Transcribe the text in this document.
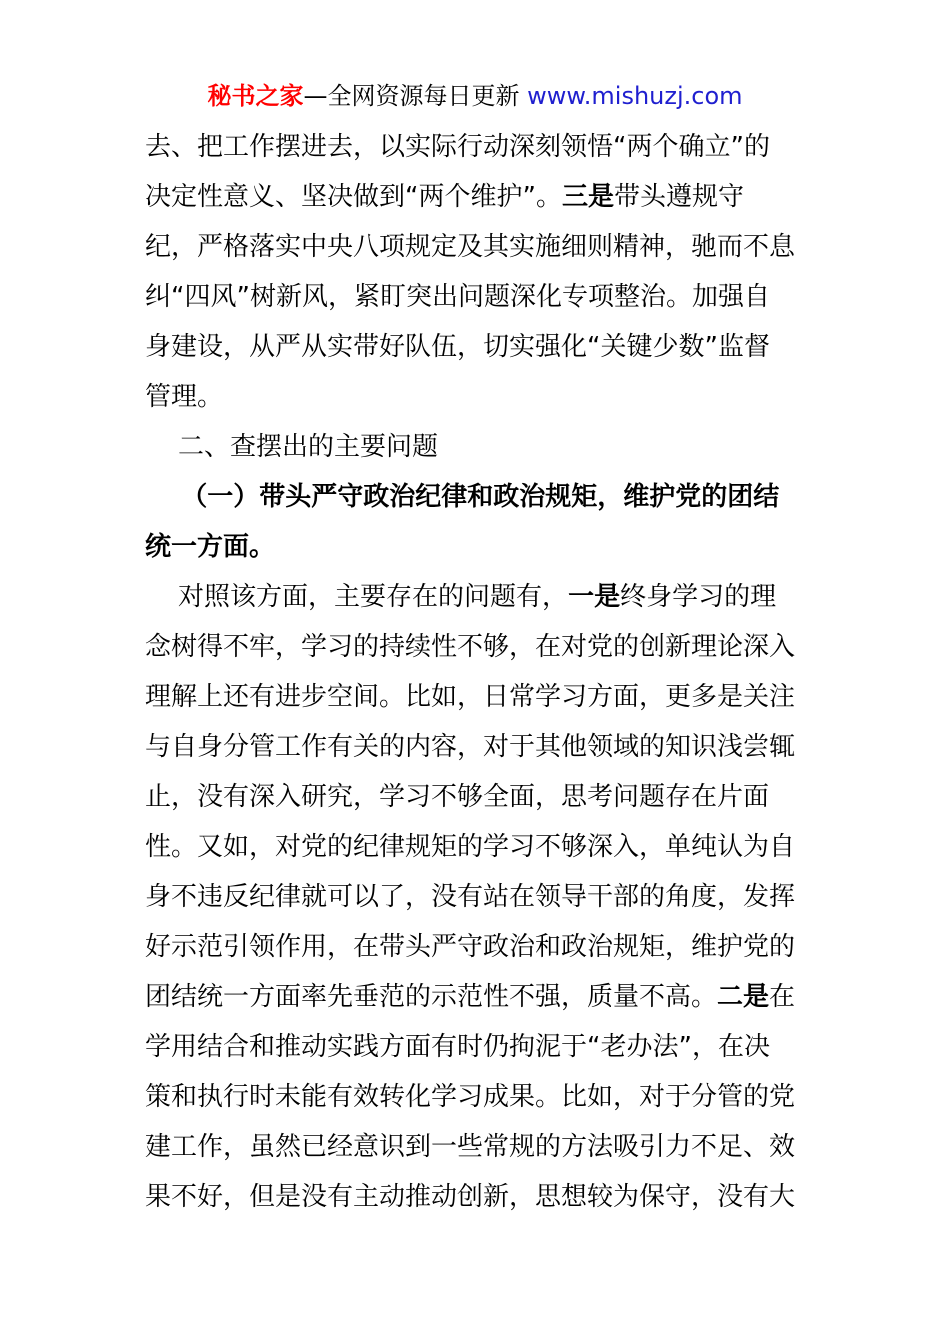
秘书之家—全网资源每日更新 www.mishuzj.com
去、把工作摆进去，以实际行动深刻领悟“两个确立”的
决定性意义、坚决做到“两个维护”。三是带头遵规守
纪，严格落实中央八项规定及其实施细则精神，驰而不息
纠“四风”树新风，紧盯突出问题深化专项整治。加强自
身建设，从严从实带好队伍，切实强化“关键少数”监督
管理。
二、查摆出的主要问题
（一）带头严守政治纪律和政治规矩，维护党的团结
统一方面。
对照该方面，主要存在的问题有，一是终身学习的理
念树得不牢，学习的持续性不够，在对党的创新理论深入
理解上还有进步空间。比如，日常学习方面，更多是关注
与自身分管工作有关的内容，对于其他领域的知识浅尝辄
止，没有深入研究，学习不够全面，思考问题存在片面
性。又如，对党的纪律规矩的学习不够深入，单纯认为自
身不违反纪律就可以了，没有站在领导干部的角度，发挥
好示范引领作用，在带头严守政治和政治规矩，维护党的
团结统一方面率先垂范的示范性不强，质量不高。二是在
学用结合和推动实践方面有时仍拘泥于“老办法”，在决
策和执行时未能有效转化学习成果。比如，对于分管的党
建工作，虽然已经意识到一些常规的方法吸引力不足、效
果不好，但是没有主动推动创新，思想较为保守，没有大
